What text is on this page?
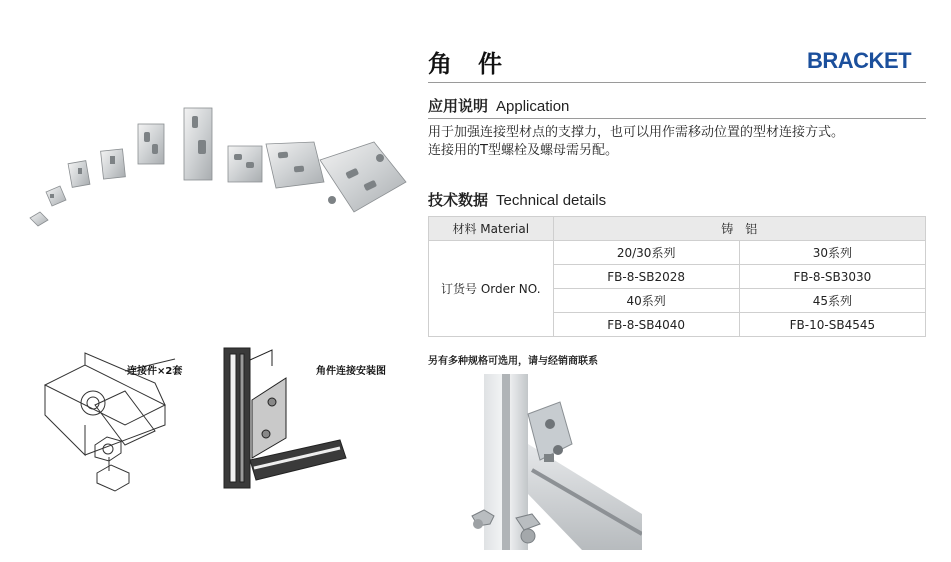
连接件×2套	角件连接安装图
角件	BRACKET
应用说明 Application
用于加强连接型材点的支撑力，也可以用作需移动位置的型材连接方式。
连接用的T型螺栓及螺母需另配。
技术数据 Technical details
材料 Material	铸　铝	
订货号 Order NO.	20/30系列	30系列
	FB-8-SB2028	FB-8-SB3030
	40系列	45系列
	FB-8-SB4040	FB-10-SB4545
另有多种规格可选用，请与经销商联系
